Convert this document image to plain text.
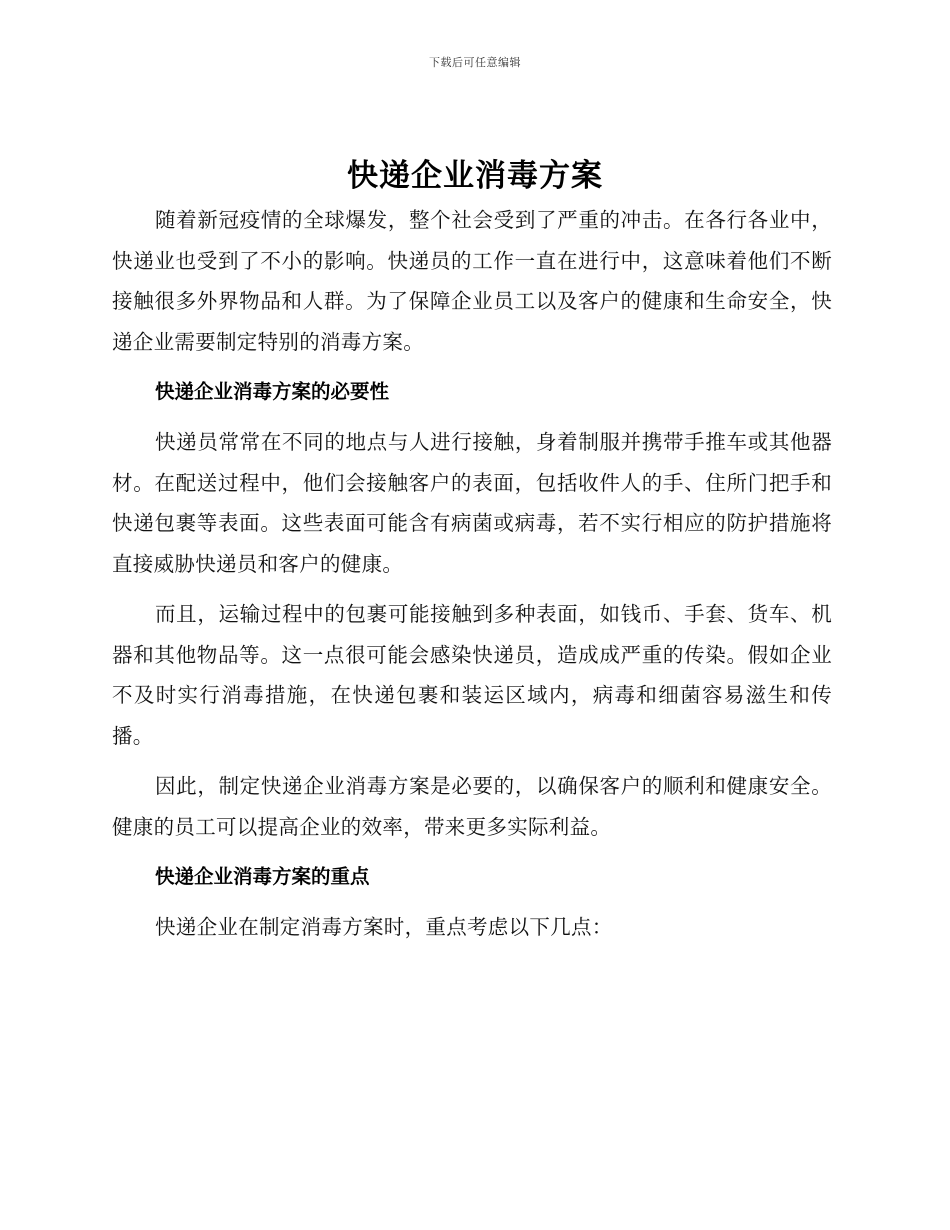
下载后可任意编辑
快递企业消毒方案

随着新冠疫情的全球爆发，整个社会受到了严重的冲击。在各行各业中，快递业也受到了不小的影响。快递员的工作一直在进行中，这意味着他们不断接触很多外界物品和人群。为了保障企业员工以及客户的健康和生命安全，快递企业需要制定特别的消毒方案。

快递企业消毒方案的必要性

快递员常常在不同的地点与人进行接触，身着制服并携带手推车或其他器材。在配送过程中，他们会接触客户的表面，包括收件人的手、住所门把手和快递包裹等表面。这些表面可能含有病菌或病毒，若不实行相应的防护措施将直接威胁快递员和客户的健康。

而且，运输过程中的包裹可能接触到多种表面，如钱币、手套、货车、机器和其他物品等。这一点很可能会感染快递员，造成成严重的传染。假如企业不及时实行消毒措施，在快递包裹和装运区域内，病毒和细菌容易滋生和传播。

因此，制定快递企业消毒方案是必要的，以确保客户的顺利和健康安全。健康的员工可以提高企业的效率，带来更多实际利益。

快递企业消毒方案的重点

快递企业在制定消毒方案时，重点考虑以下几点：
